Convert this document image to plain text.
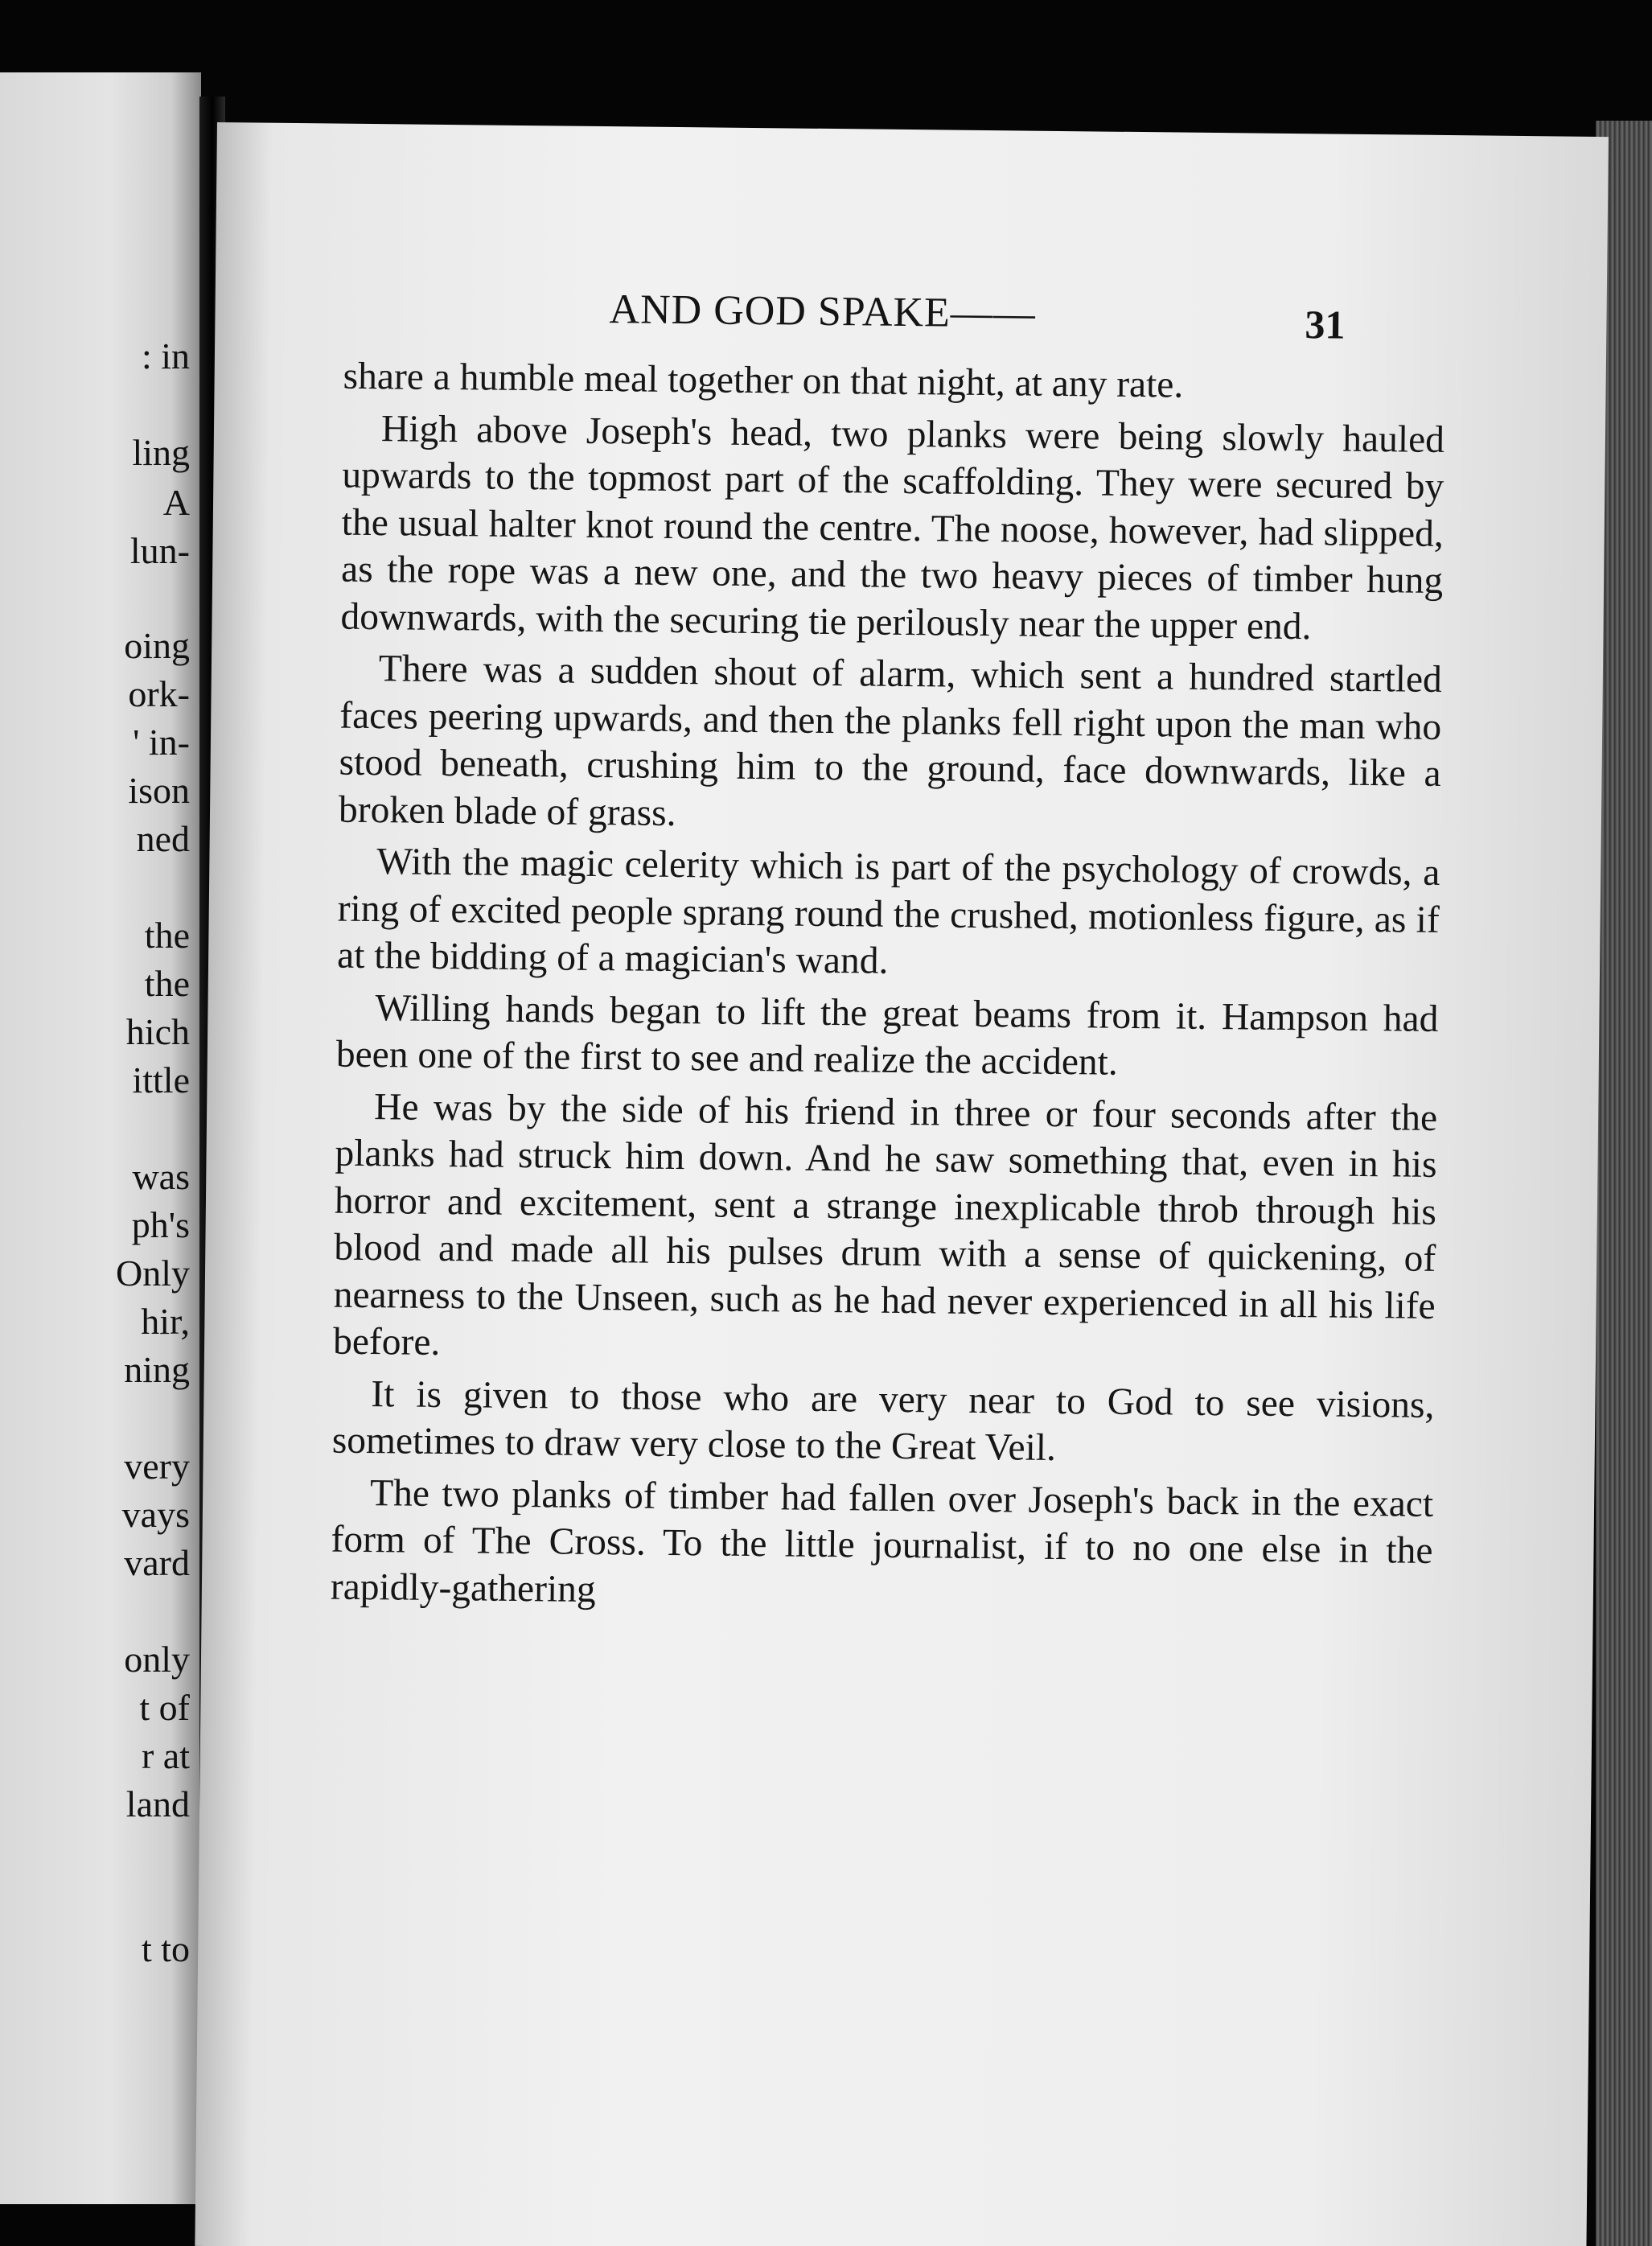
: in
ling
A
lun-
oing
ork-
' in-
ison
ned
the
the
hich
ittle
was
ph's
Only
hir,
ning
very
vays
vard
only
t of
r at
land
t to
AND GOD SPAKE——	31

share a humble meal together on that night, at any rate.

High above Joseph's head, two planks were being slowly hauled upwards to the topmost part of the scaffolding. They were secured by the usual halter knot round the centre. The noose, however, had slipped, as the rope was a new one, and the two heavy pieces of timber hung downwards, with the securing tie perilously near the upper end.

There was a sudden shout of alarm, which sent a hundred startled faces peering upwards, and then the planks fell right upon the man who stood beneath, crushing him to the ground, face downwards, like a broken blade of grass.

With the magic celerity which is part of the psychology of crowds, a ring of excited people sprang round the crushed, motionless figure, as if at the bidding of a magician's wand.

Willing hands began to lift the great beams from it. Hampson had been one of the first to see and realize the accident.

He was by the side of his friend in three or four seconds after the planks had struck him down. And he saw something that, even in his horror and excitement, sent a strange inexplicable throb through his blood and made all his pulses drum with a sense of quickening, of nearness to the Unseen, such as he had never experienced in all his life before.

It is given to those who are very near to God to see visions, sometimes to draw very close to the Great Veil.

The two planks of timber had fallen over Joseph's back in the exact form of The Cross. To the little journalist, if to no one else in the rapidly-gathering
